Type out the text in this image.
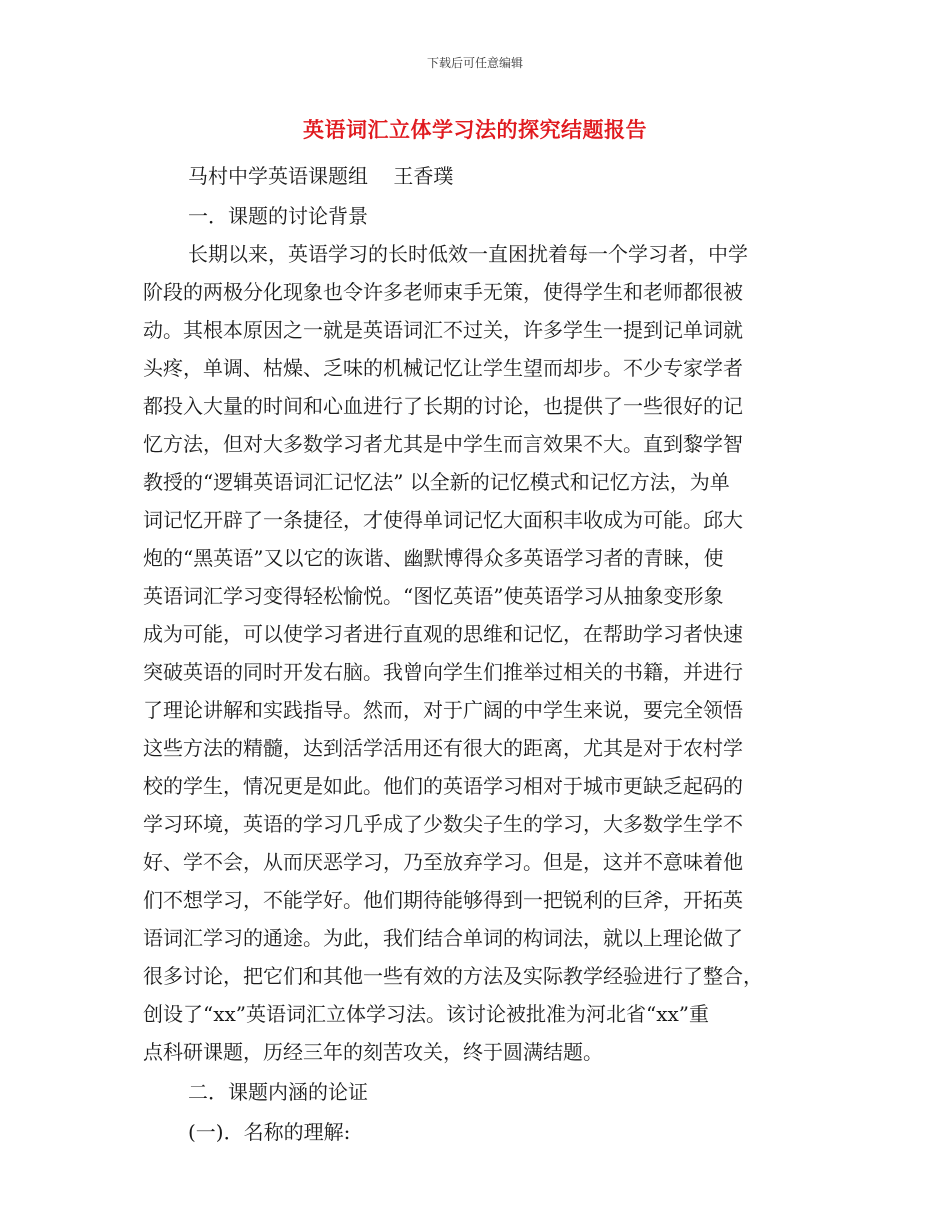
下载后可任意编辑
英语词汇立体学习法的探究结题报告
马村中学英语课题组    王香璞
一．课题的讨论背景
长期以来，英语学习的长时低效一直困扰着每一个学习者，中学
阶段的两极分化现象也令许多老师束手无策，使得学生和老师都很被
动。其根本原因之一就是英语词汇不过关，许多学生一提到记单词就
头疼，单调、枯燥、乏味的机械记忆让学生望而却步。不少专家学者
都投入大量的时间和心血进行了长期的讨论，也提供了一些很好的记
忆方法，但对大多数学习者尤其是中学生而言效果不大。直到黎学智
教授的“逻辑英语词汇记忆法” 以全新的记忆模式和记忆方法，为单
词记忆开辟了一条捷径，才使得单词记忆大面积丰收成为可能。邱大
炮的“黑英语”又以它的诙谐、幽默博得众多英语学习者的青睐，使
英语词汇学习变得轻松愉悦。“图忆英语”使英语学习从抽象变形象
成为可能，可以使学习者进行直观的思维和记忆，在帮助学习者快速
突破英语的同时开发右脑。我曾向学生们推举过相关的书籍，并进行
了理论讲解和实践指导。然而，对于广阔的中学生来说，要完全领悟
这些方法的精髓，达到活学活用还有很大的距离，尤其是对于农村学
校的学生，情况更是如此。他们的英语学习相对于城市更缺乏起码的
学习环境，英语的学习几乎成了少数尖子生的学习，大多数学生学不
好、学不会，从而厌恶学习，乃至放弃学习。但是，这并不意味着他
们不想学习，不能学好。他们期待能够得到一把锐利的巨斧，开拓英
语词汇学习的通途。为此，我们结合单词的构词法，就以上理论做了
很多讨论，把它们和其他一些有效的方法及实际教学经验进行了整合，
创设了“xx”英语词汇立体学习法。该讨论被批准为河北省“xx”重
点科研课题，历经三年的刻苦攻关，终于圆满结题。
二．课题内涵的论证
(一)．名称的理解:
